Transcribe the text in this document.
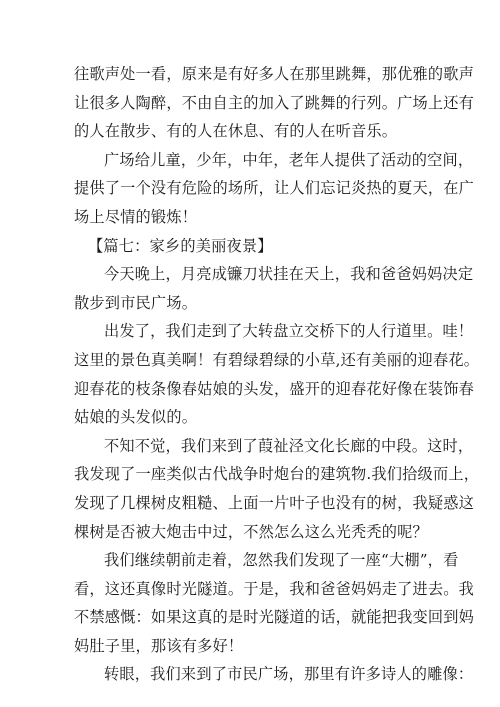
往歌声处一看，原来是有好多人在那里跳舞，那优雅的歌声
让很多人陶醉，不由自主的加入了跳舞的行列。广场上还有
的人在散步、有的人在休息、有的人在听音乐。
广场给儿童，少年，中年，老年人提供了活动的空间，
提供了一个没有危险的场所，让人们忘记炎热的夏天，在广
场上尽情的锻炼！
【篇七：家乡的美丽夜景】
今天晚上，月亮成镰刀状挂在天上，我和爸爸妈妈决定
散步到市民广场。
出发了，我们走到了大转盘立交桥下的人行道里。哇！
这里的景色真美啊！有碧绿碧绿的小草,还有美丽的迎春花。
迎春花的枝条像春姑娘的头发，盛开的迎春花好像在装饰春
姑娘的头发似的。
不知不觉，我们来到了葭祉泾文化长廊的中段。这时，
我发现了一座类似古代战争时炮台的建筑物.我们拾级而上，
发现了几棵树皮粗糙、上面一片叶子也没有的树，我疑惑这
棵树是否被大炮击中过，不然怎么这么光秃秃的呢？
我们继续朝前走着，忽然我们发现了一座“大棚”，看
看，这还真像时光隧道。于是，我和爸爸妈妈走了进去。我
不禁感慨：如果这真的是时光隧道的话，就能把我变回到妈
妈肚子里，那该有多好！
转眼，我们来到了市民广场，那里有许多诗人的雕像：
